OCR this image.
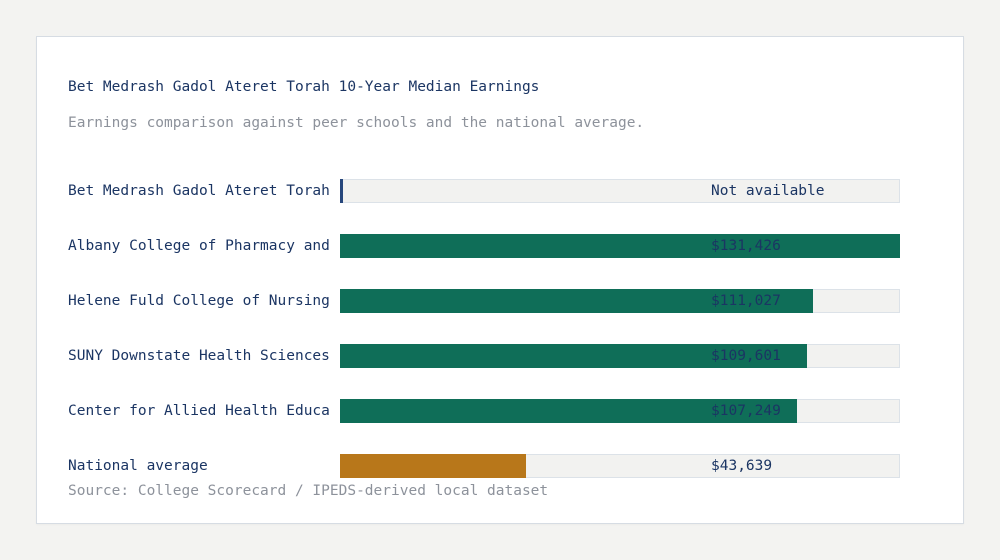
Bet Medrash Gadol Ateret Torah 10-Year Median Earnings
Earnings comparison against peer schools and the national average.
Bet Medrash Gadol Ateret Torah	Not available
Albany College of Pharmacy and	$131,426
Helene Fuld College of Nursing	$111,027
SUNY Downstate Health Sciences	$109,601
Center for Allied Health Educa	$107,249
National average	$43,639
Source: College Scorecard / IPEDS-derived local dataset
